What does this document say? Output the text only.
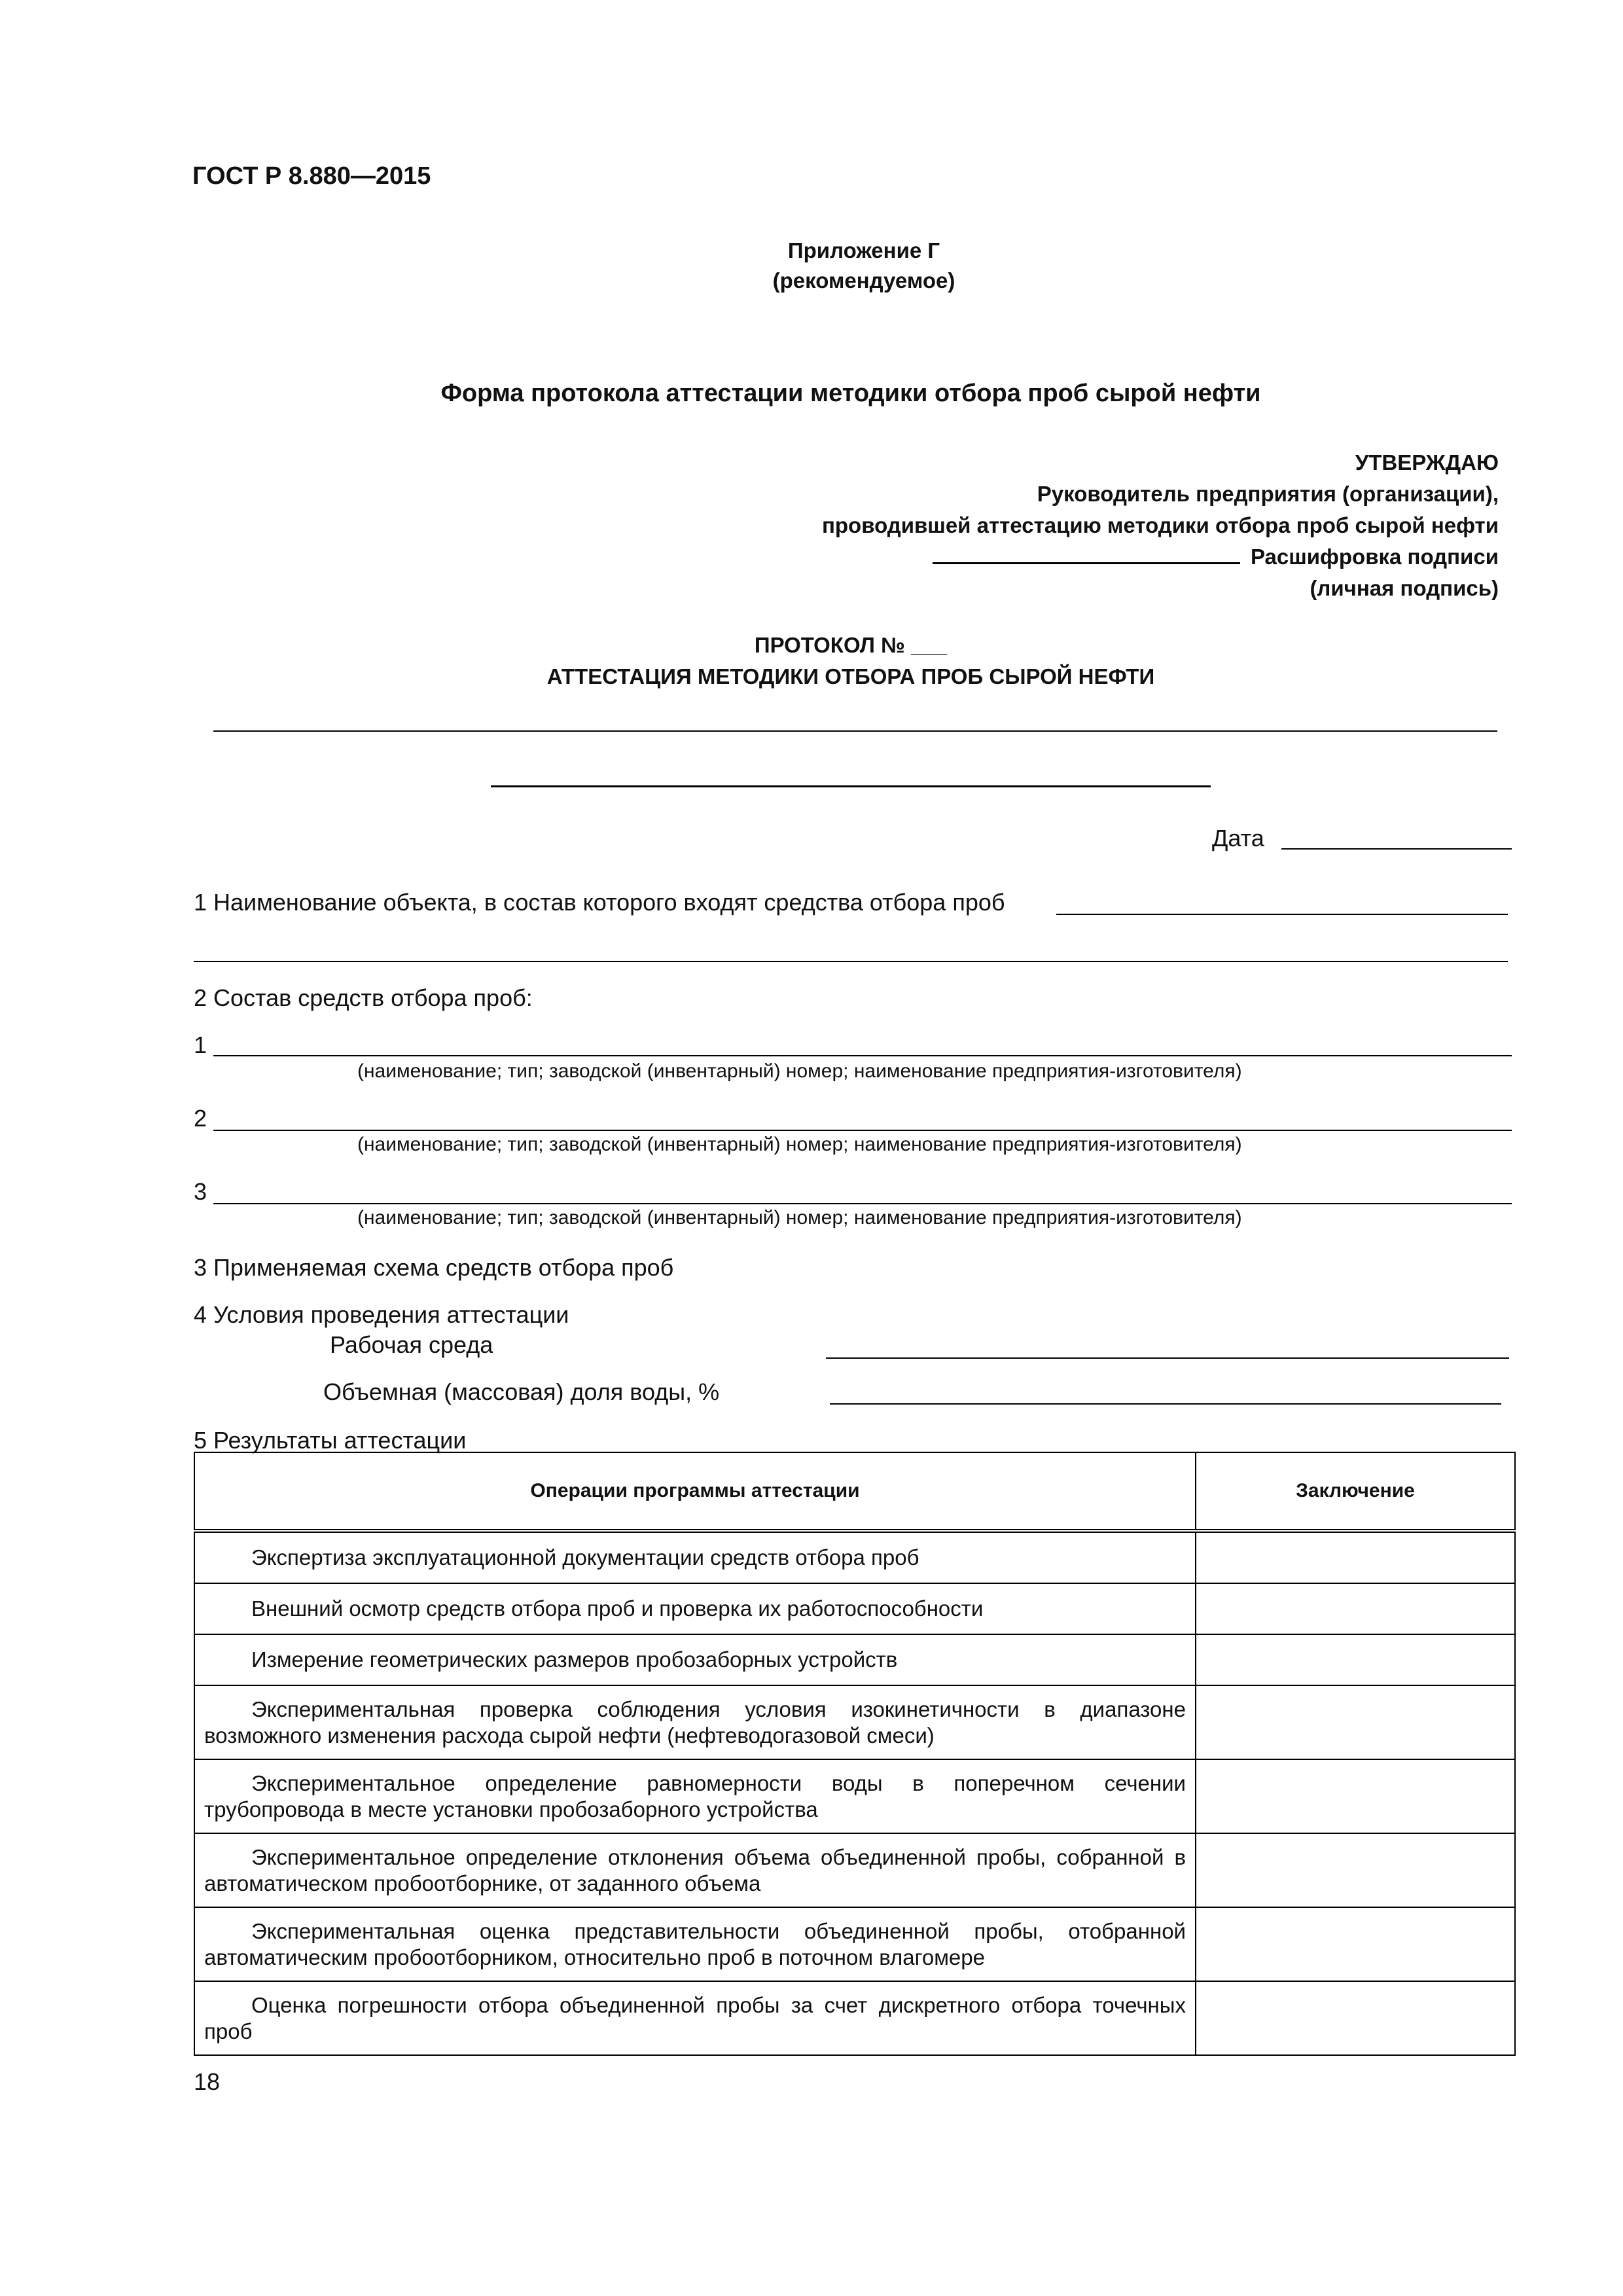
ГОСТ Р 8.880—2015
Приложение Г
(рекомендуемое)
Форма протокола аттестации методики отбора проб сырой нефти
УТВЕРЖДАЮ
Руководитель предприятия (организации),
проводившей аттестацию методики отбора проб сырой нефти
Расшифровка подписи
(личная подпись)
ПРОТОКОЛ № ___
АТТЕСТАЦИЯ МЕТОДИКИ ОТБОРА ПРОБ СЫРОЙ НЕФТИ
Дата
1 Наименование объекта, в состав которого входят средства отбора проб
2 Состав средств отбора проб:
1
(наименование; тип; заводской (инвентарный) номер; наименование предприятия-изготовителя)
2
(наименование; тип; заводской (инвентарный) номер; наименование предприятия-изготовителя)
3
(наименование; тип; заводской (инвентарный) номер; наименование предприятия-изготовителя)
3 Применяемая схема средств отбора проб
4 Условия проведения аттестации
Рабочая среда
Объемная (массовая) доля воды, %
5 Результаты аттестации
Операции программы аттестации	Заключение
Экспертиза эксплуатационной документации средств отбора проб	
Внешний осмотр средств отбора проб и проверка их работоспособности	
Измерение геометрических размеров пробозаборных устройств	
Экспериментальная проверка соблюдения условия изокинетичности в диапазоне возможного изменения расхода сырой нефти (нефтеводогазовой смеси)	
Экспериментальное определение равномерности воды в поперечном сечении трубопровода в месте установки пробозаборного устройства	
Экспериментальное определение отклонения объема объединенной пробы, собранной в автоматическом пробоотборнике, от заданного объема	
Экспериментальная оценка представительности объединенной пробы, отобранной автоматическим пробоотборником, относительно проб в поточном влагомере	
Оценка погрешности отбора объединенной пробы за счет дискретного отбора точечных проб	
18
